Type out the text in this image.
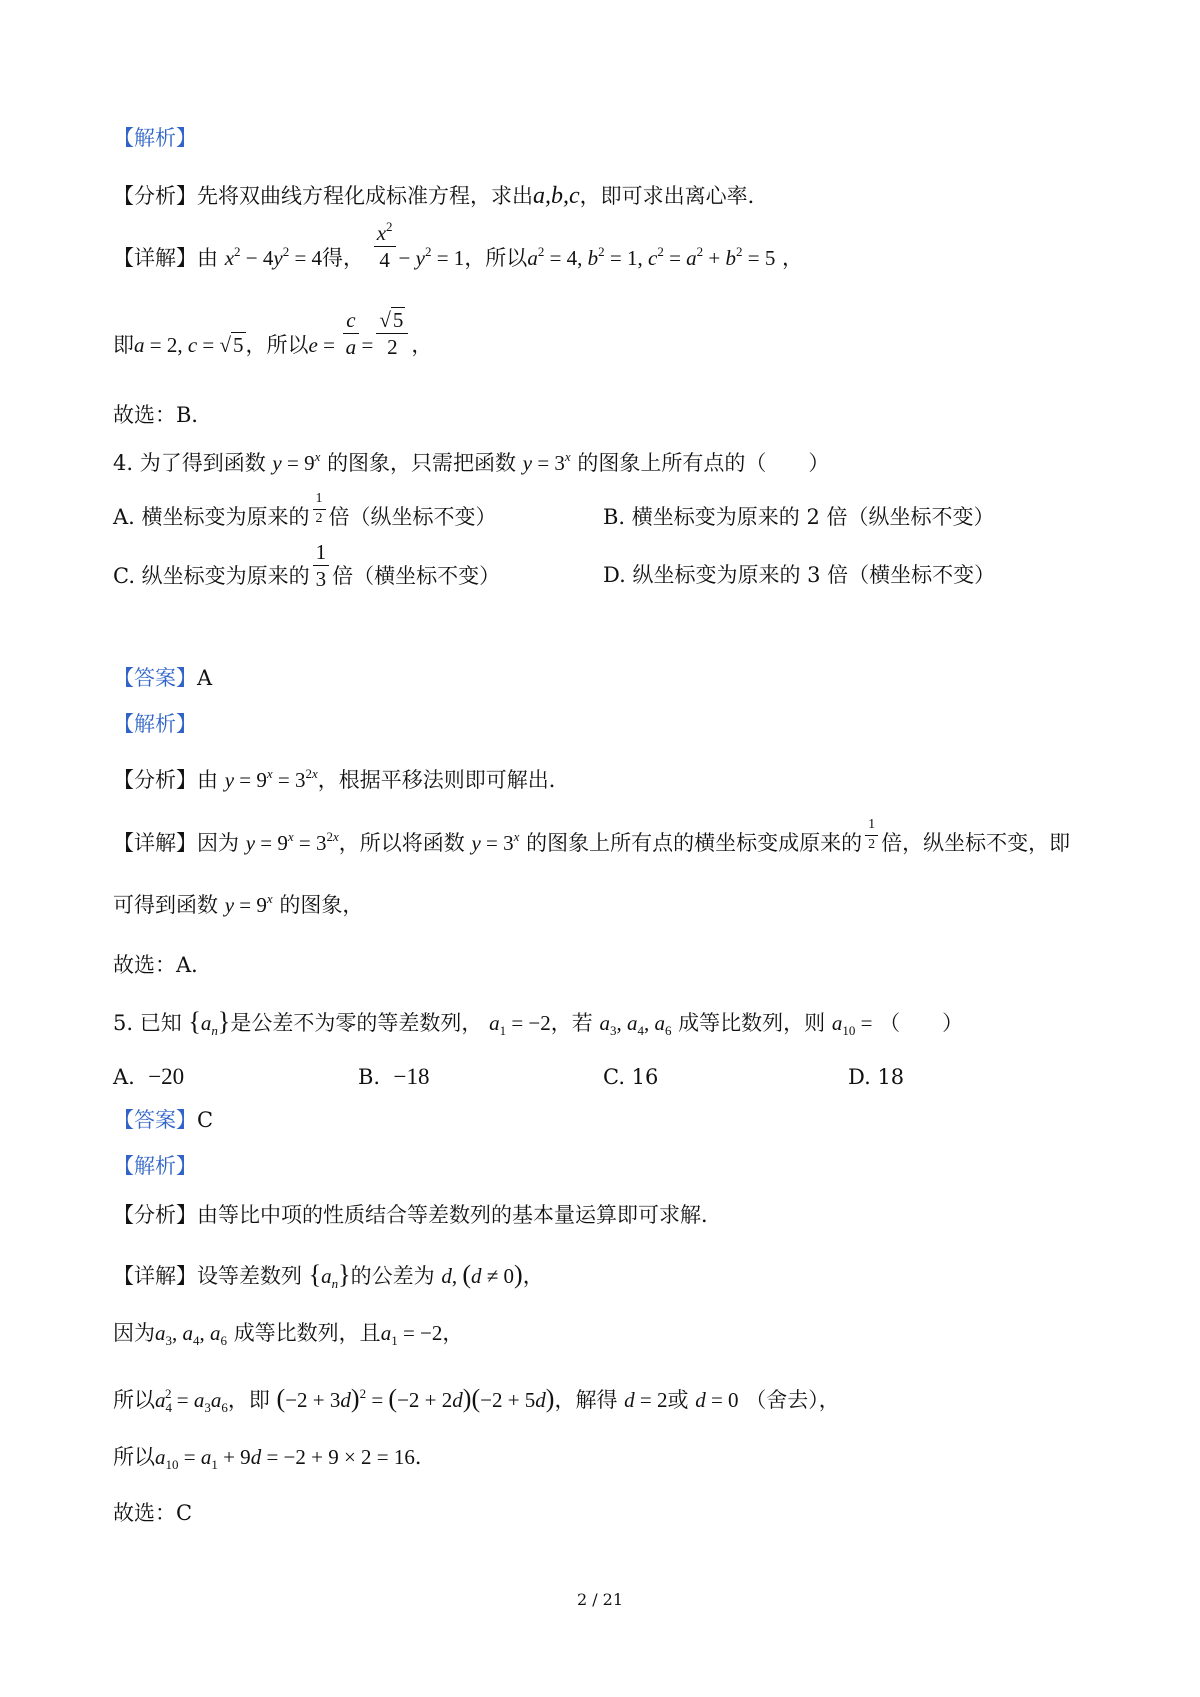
【解析】
【分析】先将双曲线方程化成标准方程，求出a,b,c，即可求出离心率．
【详解】由 $x^2 - 4y^2 = 4$得， $\frac{x^2}{4} - y^2 = 1$，所以$a^2 = 4$, $b^2 = 1$, $c^2 = a^2 + b^2 = 5$ ，
即a = 2, c = √5，所以$e = \frac{c}{a} = \frac{√5}{2}$ ，
故选：B．
4. 为了得到函数 $y = 9^x$ 的图象，只需把函数 $y = 3^x$ 的图象上所有点的（　　）
A. 横坐标变为原来的 $\frac{1}{2}$ 倍（纵坐标不变）	B. 横坐标变为原来的 2 倍（纵坐标不变）
C. 纵坐标变为原来的 $\frac{1}{3}$ 倍（横坐标不变）	D. 纵坐标变为原来的 3 倍（横坐标不变）
【答案】A
【解析】
【分析】由 $y = 9^x = 3^{2x}$，根据平移法则即可解出．
【详解】因为 $y = 9^x = 3^{2x}$，所以将函数 $y = 3^x$ 的图象上所有点的横坐标变成原来的 $\frac{1}{2}$ 倍，纵坐标不变，即
可得到函数 $y = 9^x$ 的图象，
故选：A．
5. 已知 $\{a_n\}$是公差不为零的等差数列， $a_1 = -2$，若 $a_3$, $a_4$, $a_6$ 成等比数列，则 $a_{10}$ = （　　）
A. −20	B. −18	C. 16	D. 18
【答案】C
【解析】
【分析】由等比中项的性质结合等差数列的基本量运算即可求解．
【详解】设等差数列 $\{a_n\}$的公差为 d, (d ≠ 0)，
因为$a_3$, $a_4$, $a_6$ 成等比数列，且$a_1 = -2$，
所以$a_4^2 = a_3a_6$，即 $(-2 + 3d)^2 = (-2 + 2d)(-2 + 5d)$，解得 d = 2或 d = 0 （舍去），
所以$a_{10} = a_1 + 9d = -2 + 9 \times 2 = 16$．
故选：C
2 / 21
